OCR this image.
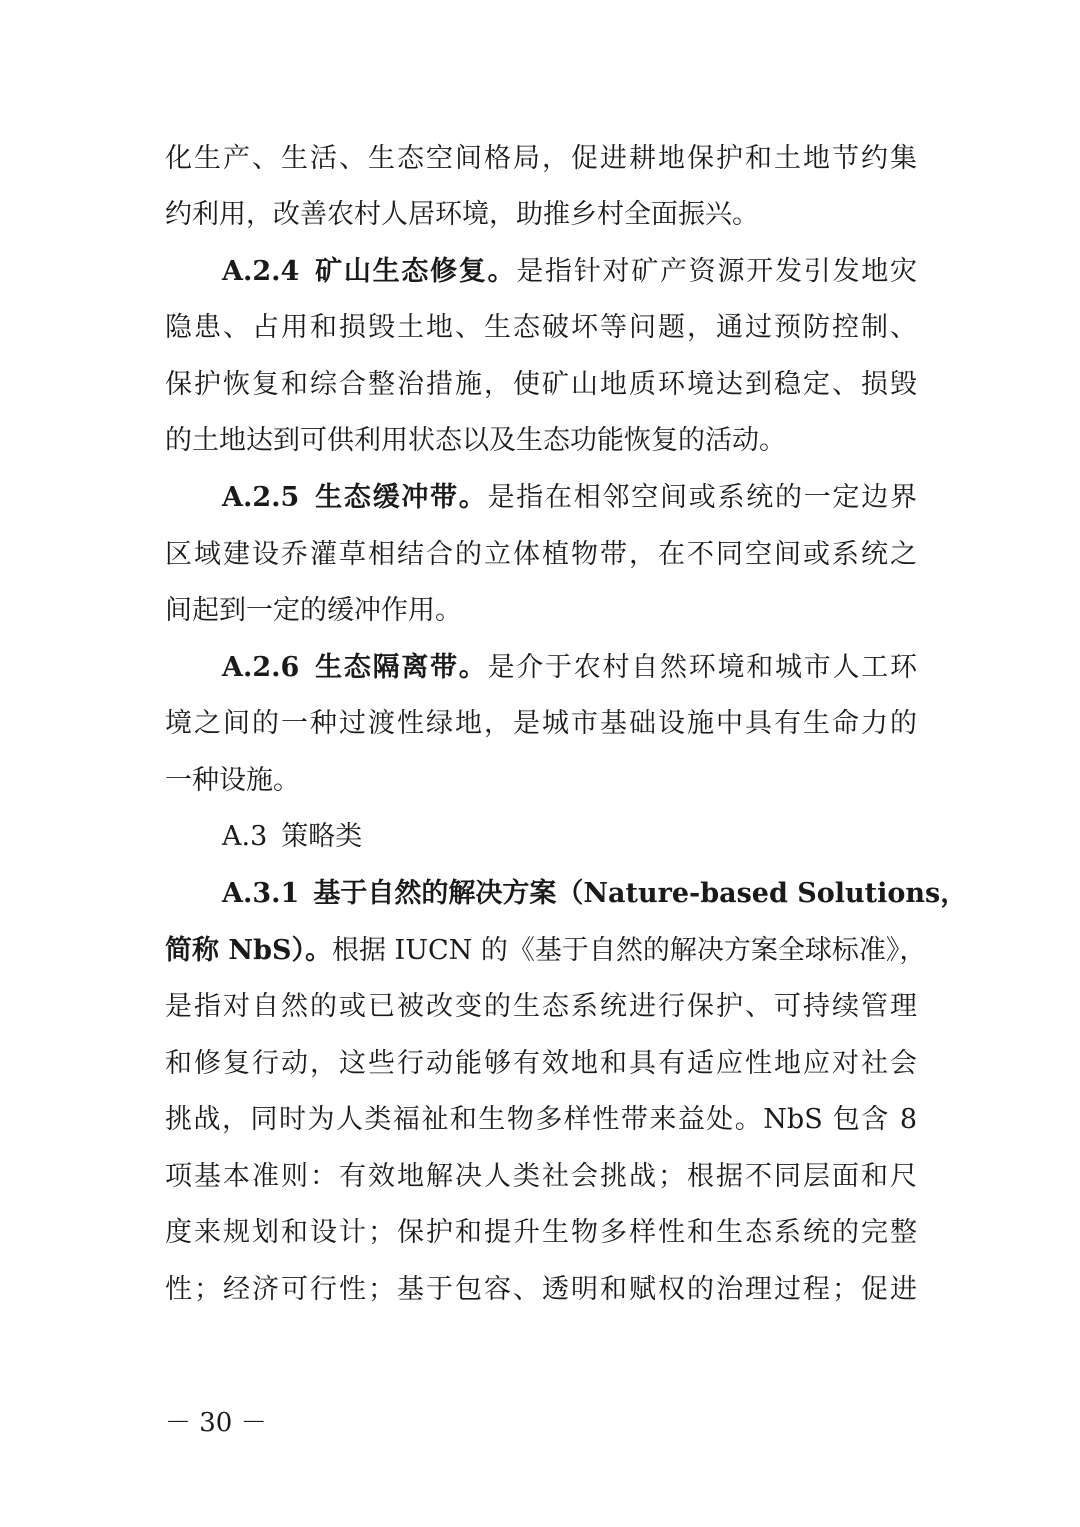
化生产、生活、生态空间格局，促进耕地保护和土地节约集
约利用，改善农村人居环境，助推乡村全面振兴。
A.2.4 矿山生态修复。是指针对矿产资源开发引发地灾
隐患、占用和损毁土地、生态破坏等问题，通过预防控制、
保护恢复和综合整治措施，使矿山地质环境达到稳定、损毁
的土地达到可供利用状态以及生态功能恢复的活动。
A.2.5 生态缓冲带。是指在相邻空间或系统的一定边界
区域建设乔灌草相结合的立体植物带，在不同空间或系统之
间起到一定的缓冲作用。
A.2.6 生态隔离带。是介于农村自然环境和城市人工环
境之间的一种过渡性绿地，是城市基础设施中具有生命力的
一种设施。
A.3 策略类
A.3.1 基于自然的解决方案（Nature-based Solutions，
简称 NbS）。根据 IUCN 的《基于自然的解决方案全球标准》，
是指对自然的或已被改变的生态系统进行保护、可持续管理
和修复行动，这些行动能够有效地和具有适应性地应对社会
挑战，同时为人类福祉和生物多样性带来益处。NbS 包含 8
项基本准则：有效地解决人类社会挑战；根据不同层面和尺
度来规划和设计；保护和提升生物多样性和生态系统的完整
性；经济可行性；基于包容、透明和赋权的治理过程；促进
－ 30 －
